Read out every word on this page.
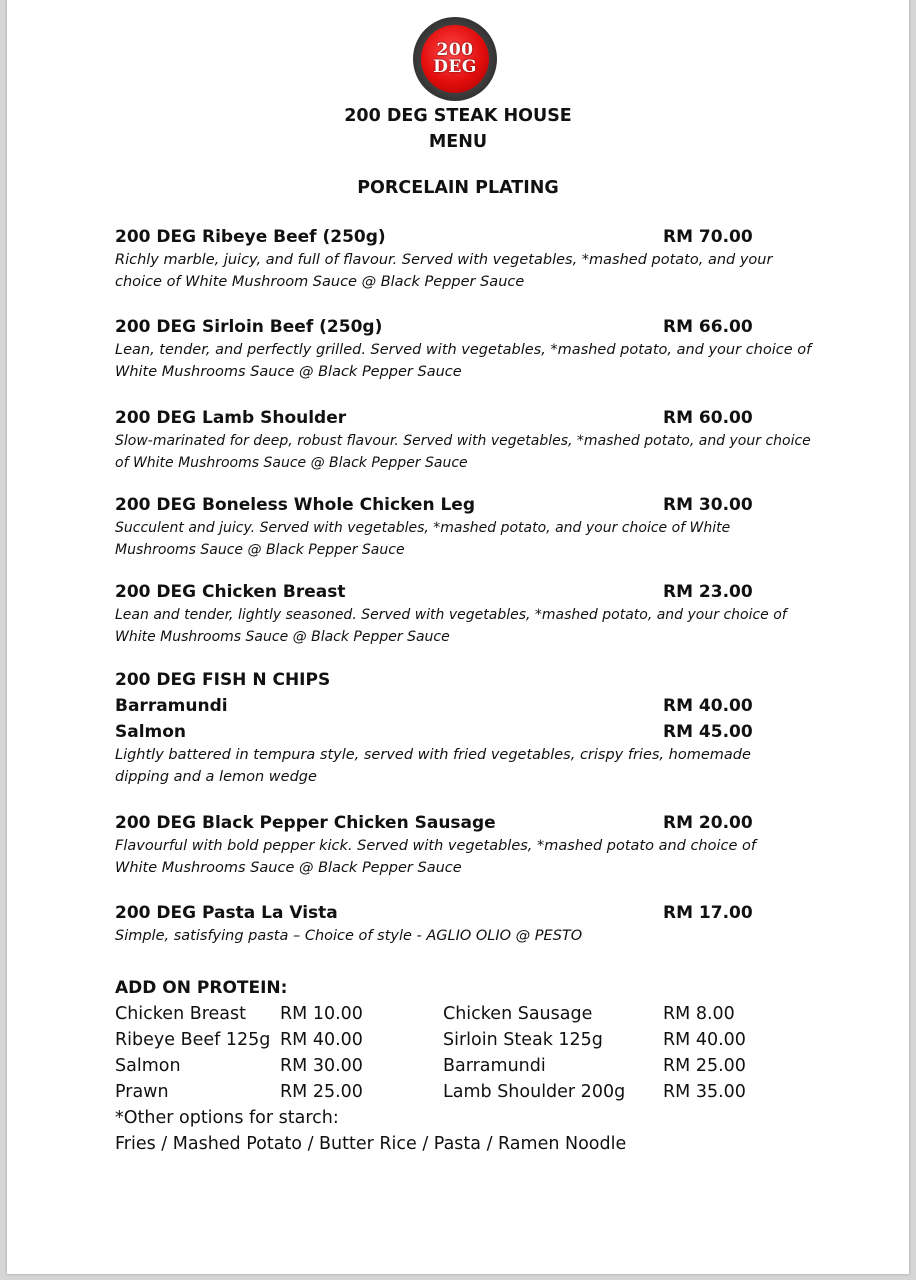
200
DEG
200 DEG STEAK HOUSE
MENU
PORCELAIN PLATING
200 DEG Ribeye Beef (250g)	RM 70.00

Richly marble, juicy, and full of flavour. Served with vegetables, *mashed potato, and your choice of White Mushroom Sauce @ Black Pepper Sauce

200 DEG Sirloin Beef (250g)	RM 66.00

Lean, tender, and perfectly grilled. Served with vegetables, *mashed potato, and your choice of White Mushrooms Sauce @ Black Pepper Sauce

200 DEG Lamb Shoulder	RM 60.00

Slow-marinated for deep, robust flavour. Served with vegetables, *mashed potato, and your choice of White Mushrooms Sauce @ Black Pepper Sauce

200 DEG Boneless Whole Chicken Leg	RM 30.00

Succulent and juicy. Served with vegetables, *mashed potato, and your choice of White Mushrooms Sauce @ Black Pepper Sauce

200 DEG Chicken Breast	RM 23.00

Lean and tender, lightly seasoned. Served with vegetables, *mashed potato, and your choice of White Mushrooms Sauce @ Black Pepper Sauce

200 DEG FISH N CHIPS
Barramundi	RM 40.00
Salmon	RM 45.00

Lightly battered in tempura style, served with fried vegetables, crispy fries, homemade dipping and a lemon wedge

200 DEG Black Pepper Chicken Sausage	RM 20.00

Flavourful with bold pepper kick. Served with vegetables, *mashed potato and choice of White Mushrooms Sauce @ Black Pepper Sauce

200 DEG Pasta La Vista	RM 17.00

Simple, satisfying pasta – Choice of style - AGLIO OLIO @ PESTO

ADD ON PROTEIN:
Chicken Breast RM 10.00	Chicken Sausage	RM 8.00
Ribeye Beef 125g RM 40.00	Sirloin Steak 125g	RM 40.00
Salmon	RM 30.00	Barramundi	RM 25.00
Prawn	RM 25.00	Lamb Shoulder 200g RM 35.00

*Other options for starch:

Fries / Mashed Potato / Butter Rice / Pasta / Ramen Noodle
